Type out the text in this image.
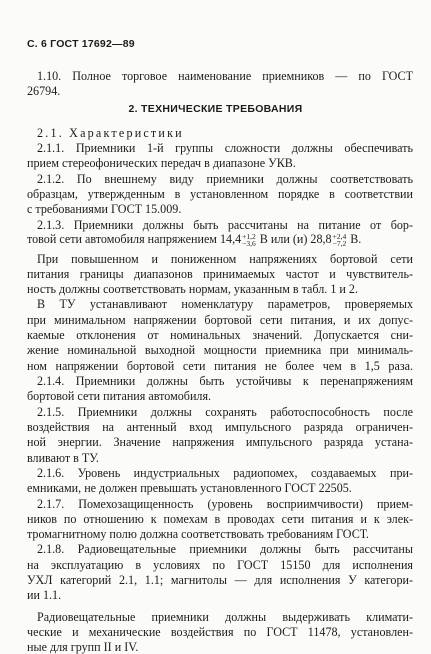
С. 6 ГОСТ 17692—89
1.10. Полное торговое наименование приемников — по ГОСТ
26794.
2. ТЕХНИЧЕСКИЕ ТРЕБОВАНИЯ
2.1. Характеристики
2.1.1. Приемники 1-й группы сложности должны обеспечивать
прием стереофонических передач в диапазоне УКВ.
2.1.2. По внешнему виду приемники должны соответствовать
образцам, утвержденным в установленном порядке в соответствии
с требованиями ГОСТ 15.009.
2.1.3. Приемники должны быть рассчитаны на питание от бор-
товой сети автомобиля напряжением 14,4 +1,2
−3,6 В или (и) 28,8 +2,4
−7,2 В.
При повышенном и пониженном напряжениях бортовой сети
питания границы диапазонов принимаемых частот и чувствитель-
ность должны соответствовать нормам, указанным в табл. 1 и 2.
В ТУ устанавливают номенклатуру параметров, проверяемых
при минимальном напряжении бортовой сети питания, и их допус-
каемые отклонения от номинальных значений. Допускается сни-
жение номинальной выходной мощности приемника при минималь-
ном напряжении бортовой сети питания не более чем в 1,5 раза.
2.1.4. Приемники должны быть устойчивы к перенапряжениям
бортовой сети питания автомобиля.
2.1.5. Приемники должны сохранять работоспособность после
воздействия на антенный вход импульсного разряда ограничен-
ной энергии. Значение напряжения импульсного разряда устана-
вливают в ТУ.
2.1.6. Уровень индустриальных радиопомех, создаваемых при-
емниками, не должен превышать установленного ГОСТ 22505.
2.1.7. Помехозащищенность (уровень восприимчивости) прием-
ников по отношению к помехам в проводах сети питания и к элек-
тромагнитному полю должна соответствовать требованиям ГОСТ.
2.1.8. Радиовещательные приемники должны быть рассчитаны
на эксплуатацию в условиях по ГОСТ 15150 для исполнения
УХЛ категорий 2.1, 1.1; магнитолы — для исполнения У категори-
ии 1.1.
Радиовещательные приемники должны выдерживать климати-
ческие и механические воздействия по ГОСТ 11478, установлен-
ные для групп II и IV.
